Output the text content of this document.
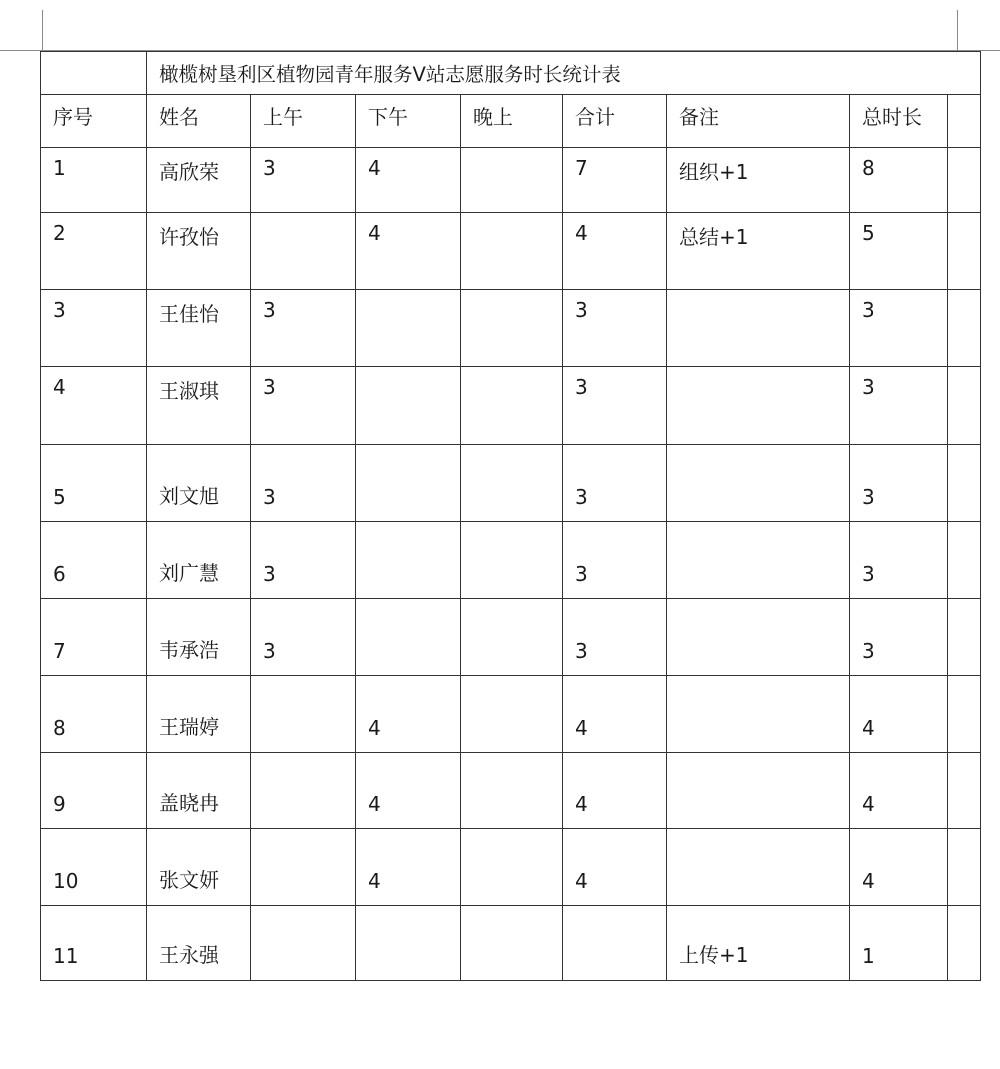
	橄榄树垦利区植物园青年服务V站志愿服务时长统计表							
序号	姓名	上午	下午	晚上	合计	备注	总时长	
1	高欣荣	3	4		7	组织+1	8	
2	许孜怡		4		4	总结+1	5	
3	王佳怡	3			3		3	
4	王淑琪	3			3		3	
5	刘文旭	3			3		3	
6	刘广慧	3			3		3	
7	韦承浩	3			3		3	
8	王瑞婷		4		4		4	
9	盖晓冉		4		4		4	
10	张文妍		4		4		4	
11	王永强					上传+1	1	
